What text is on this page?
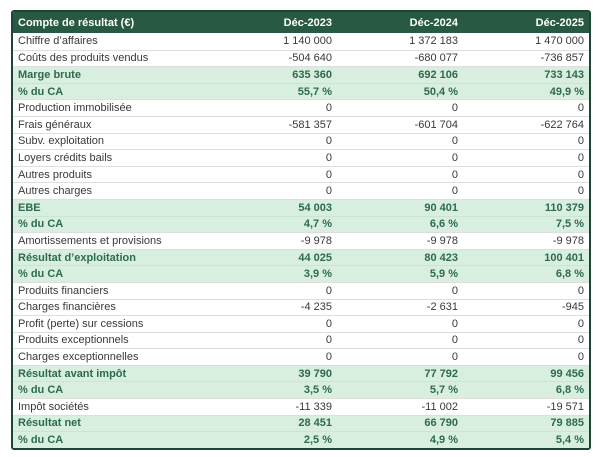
Compte de résultat (€)	Déc-2023	Déc-2024	Déc-2025
Chiffre d’affaires	1 140 000	1 372 183	1 470 000
Coûts des produits vendus	-504 640	-680 077	-736 857
Marge brute	635 360	692 106	733 143
% du CA	55,7 %	50,4 %	49,9 %
Production immobilisée	0	0	0
Frais généraux	-581 357	-601 704	-622 764
Subv. exploitation	0	0	0
Loyers crédits bails	0	0	0
Autres produits	0	0	0
Autres charges	0	0	0
EBE	54 003	90 401	110 379
% du CA	4,7 %	6,6 %	7,5 %
Amortissements et provisions	-9 978	-9 978	-9 978
Résultat d’exploitation	44 025	80 423	100 401
% du CA	3,9 %	5,9 %	6,8 %
Produits financiers	0	0	0
Charges financières	-4 235	-2 631	-945
Profit (perte) sur cessions	0	0	0
Produits exceptionnels	0	0	0
Charges exceptionnelles	0	0	0
Résultat avant impôt	39 790	77 792	99 456
% du CA	3,5 %	5,7 %	6,8 %
Impôt sociétés	-11 339	-11 002	-19 571
Résultat net	28 451	66 790	79 885
% du CA	2,5 %	4,9 %	5,4 %
